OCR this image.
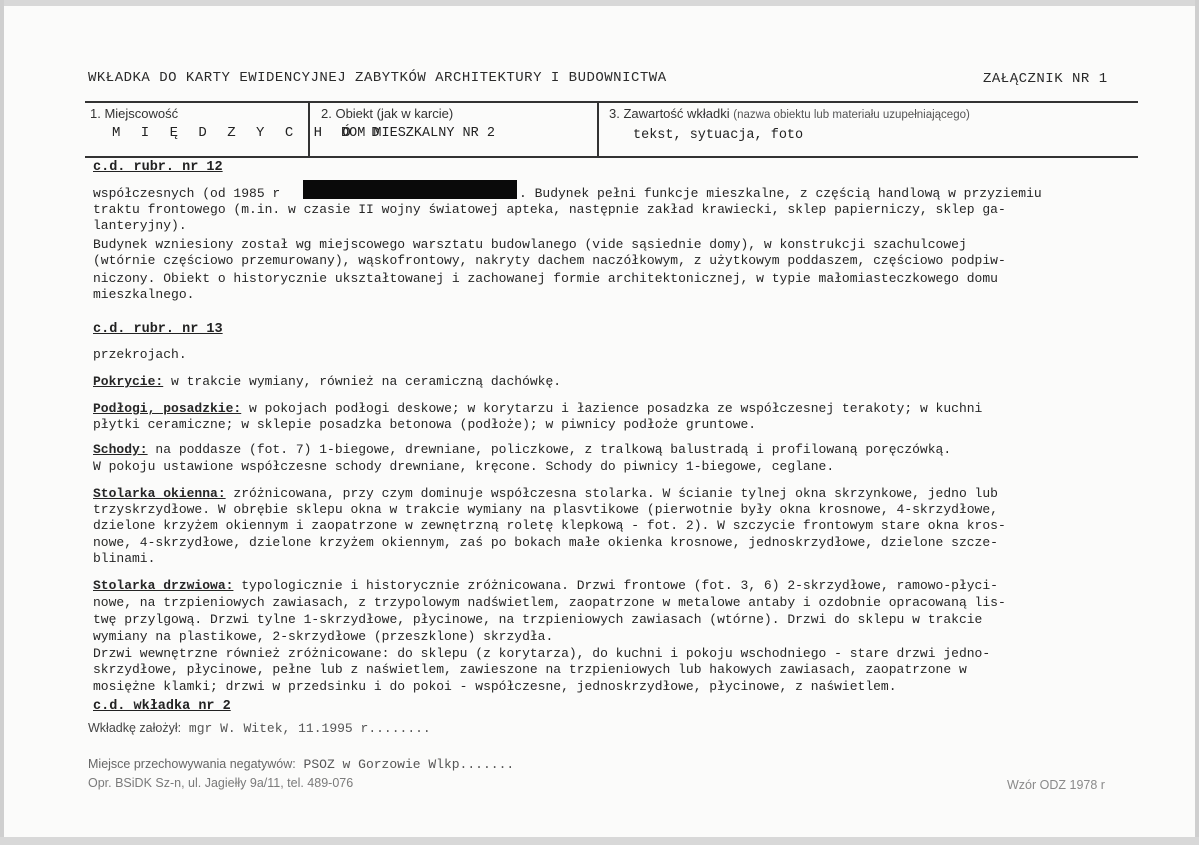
WKŁADKA DO KARTY EWIDENCYJNEJ ZABYTKÓW ARCHITEKTURY I BUDOWNICTWA	ZAŁĄCZNIK NR 1
1. Miejscowość
M I Ę D Z Y C H Ó D
2. Obiekt (jak w karcie)
DOM MIESZKALNY NR 2
3. Zawartość wkładki (nazwa obiektu lub materiału uzupełniającego)
tekst, sytuacja, foto
c.d. rubr. nr 12
współczesnych (od 1985 r	. Budynek pełni funkcje mieszkalne, z częścią handlową w przyziemiu
traktu frontowego (m.in. w czasie II wojny światowej apteka, następnie zakład krawiecki, sklep papierniczy, sklep ga-
lanteryjny).
Budynek wzniesiony został wg miejscowego warsztatu budowlanego (vide sąsiednie domy), w konstrukcji szachulcowej
(wtórnie częściowo przemurowany), wąskofrontowy, nakryty dachem naczółkowym, z użytkowym poddaszem, częściowo podpiw-
niczony. Obiekt o historycznie ukształtowanej i zachowanej formie architektonicznej, w typie małomiasteczkowego domu
mieszkalnego.
c.d. rubr. nr 13
przekrojach.
Pokrycie: w trakcie wymiany, również na ceramiczną dachówkę.
Podłogi, posadzkie: w pokojach podłogi deskowe; w korytarzu i łazience posadzka ze współczesnej terakoty; w kuchni
płytki ceramiczne; w sklepie posadzka betonowa (podłoże); w piwnicy podłoże gruntowe.
Schody: na poddasze (fot. 7) 1-biegowe, drewniane, policzkowe, z tralkową balustradą i profilowaną poręczówką.
W pokoju ustawione współczesne schody drewniane, kręcone. Schody do piwnicy 1-biegowe, ceglane.
Stolarka okienna: zróżnicowana, przy czym dominuje współczesna stolarka. W ścianie tylnej okna skrzynkowe, jedno lub
trzyskrzydłowe. W obrębie sklepu okna w trakcie wymiany na plasvtikowe (pierwotnie były okna krosnowe, 4-skrzydłowe,
dzielone krzyżem okiennym i zaopatrzone w zewnętrzną roletę klepkową - fot. 2). W szczycie frontowym stare okna kros-
nowe, 4-skrzydłowe, dzielone krzyżem okiennym, zaś po bokach małe okienka krosnowe, jednoskrzydłowe, dzielone szcze-
blinami.
Stolarka drzwiowa: typologicznie i historycznie zróżnicowana. Drzwi frontowe (fot. 3, 6) 2-skrzydłowe, ramowo-płyci-
nowe, na trzpieniowych zawiasach, z trzypolowym nadświetlem, zaopatrzone w metalowe antaby i ozdobnie opracowaną lis-
twę przylgową. Drzwi tylne 1-skrzydłowe, płycinowe, na trzpieniowych zawiasach (wtórne). Drzwi do sklepu w trakcie
wymiany na plastikowe, 2-skrzydłowe (przeszklone) skrzydła.
Drzwi wewnętrzne również zróżnicowane: do sklepu (z korytarza), do kuchni i pokoju wschodniego - stare drzwi jedno-
skrzydłowe, płycinowe, pełne lub z naświetlem, zawieszone na trzpieniowych lub hakowych zawiasach, zaopatrzone w
mosiężne klamki; drzwi w przedsinku i do pokoi - współczesne, jednoskrzydłowe, płycinowe, z naświetlem.
c.d. wkładka nr 2
Wkładkę założył: mgr W. Witek, 11.1995 r........
Miejsce przechowywania negatywów: PSOZ w Gorzowie Wlkp.......
Opr. BSiDK Sz-n, ul. Jagiełły 9a/11, tel. 489-076	Wzór ODZ 1978 r
